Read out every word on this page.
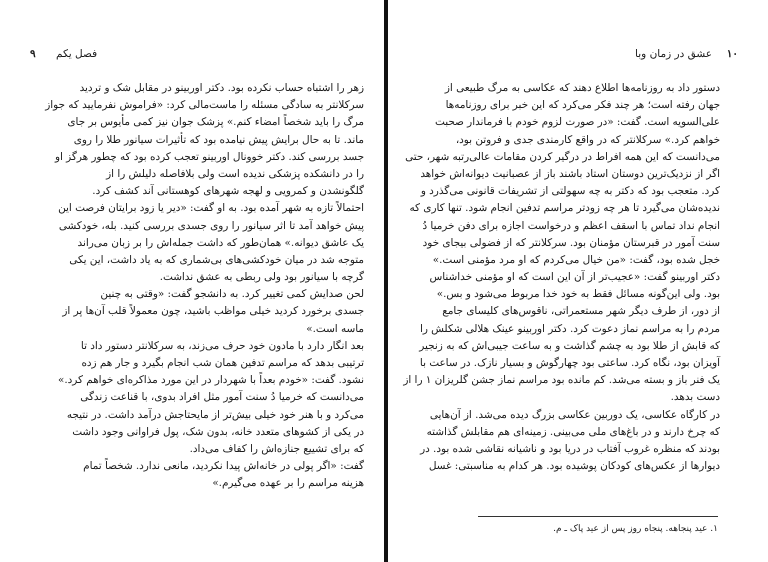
۹ فصل یکم
زهر را اشتباه حساب نکرده بود. دکتر اوربینو در مقابل شک و تردید
سرکلانتر به سادگی مسئله را ماست‌مالی کرد: «فراموش نفرمایید که جواز
مرگ را باید شخصاً امضاء کنم.» پزشک جوان نیز کمی مأیوس بر جای
ماند. تا به حال برایش پیش نیامده بود که تأثیرات سیانور طلا را روی
جسد بررسی کند. دکتر خوونال اوربینو تعجب کرده بود که چطور هرگز او
را در دانشکده پزشکی ندیده است ولی بلافاصله دلیلش را از
گلگونشدن و کمرویی و لهجه شهرهای کوهستانی آند کشف کرد.
احتمالاً تازه به شهر آمده بود. به او گفت: «دیر یا زود برایتان فرصت این
پیش خواهد آمد تا اثر سیانور را روی جسدی بررسی کنید. بله، خودکشی
یک عاشق دیوانه.» همان‌طور که داشت جمله‌اش را بر زبان می‌راند
متوجه شد در میان خودکشی‌های بی‌شماری که به یاد داشت، این یکی
گرچه با سیانور بود ولی ربطی به عشق نداشت.
لحن صدایش کمی تغییر کرد. به دانشجو گفت: «وقتی به چنین
جسدی برخورد کردید خیلی مواظب باشید، چون معمولاً قلب آن‌ها پر از
ماسه است.»
بعد انگار دارد با مادون خود حرف می‌زند، به سرکلانتر دستور داد تا
ترتیبی بدهد که مراسم تدفین همان شب انجام بگیرد و جار هم زده
نشود. گفت: «خودم بعداً با شهردار در این مورد مذاکره‌ای خواهم کرد.»
می‌دانست که خرمیا دُ سنت آمور مثل افراد بدوی، با قناعت زندگی
می‌کرد و با هنر خود خیلی بیش‌تر از مایحتاجش درآمد داشت. در نتیجه
در یکی از کشوهای متعدد خانه، بدون شک، پول فراوانی وجود داشت
که برای تشییع جنازه‌اش را کفاف می‌داد.
گفت: «اگر پولی در خانه‌اش پیدا نکردید، مانعی ندارد. شخصاً تمام
هزینه مراسم را بر عهده می‌گیرم.»
۱۰
عشق در زمان وبا
دستور داد به روزنامه‌ها اطلاع دهند که عکاسی به مرگ طبیعی از
جهان رفته است؛ هر چند فکر می‌کرد که این خبر برای روزنامه‌ها
علی‌السویه است. گفت: «در صورت لزوم خودم با فرماندار صحبت
خواهم کرد.» سرکلانتر که در واقع کارمندی جدی و فروتن بود،
می‌دانست که این همه افراط در درگیر کردن مقامات عالی‌رتبه شهر، حتی
اگر از نزدیک‌ترین دوستان استاد باشند باز از عصبانیت دیوانه‌اش خواهد
کرد. متعجب بود که دکتر به چه سهولتی از تشریفات قانونی می‌گذرد و
ندیده‌شان می‌گیرد تا هر چه زودتر مراسم تدفین انجام شود. تنها کاری که
انجام نداد تماس با اسقف اعظم و درخواست اجازه برای دفن خرمیا دُ
سنت آمور در قبرستان مؤمنان بود. سرکلانتر که از فضولی بیجای خود
خجل شده بود، گفت: «من خیال می‌کردم که او مرد مؤمنی است.»
دکتر اوربینو گفت: «عجیب‌تر از آن این است که او مؤمنی خداشناس
بود. ولی این‌گونه مسائل فقط به خود خدا مربوط می‌شود و بس.»
از دور، از طرف دیگر شهر مستعمراتی، ناقوس‌های کلیسای جامع
مردم را به مراسم نماز دعوت کرد. دکتر اوربینو عینک هلالی شکلش را
که قابش از طلا بود به چشم گذاشت و به ساعت جیبی‌اش که به زنجیر
آویزان بود، نگاه کرد. ساعتی بود چهارگوش و بسیار نازک. در ساعت با
یک فنر باز و بسته می‌شد. کم مانده بود مراسم نماز جشن گلریزان ۱ را از
دست بدهد.
در کارگاه عکاسی، یک دوربین عکاسی بزرگ دیده می‌شد. از آن‌هایی
که چرخ دارند و در باغ‌های ملی می‌بینی. زمینه‌ای هم مقابلش گذاشته
بودند که منظره غروب آفتاب در دریا بود و ناشیانه نقاشی شده بود. در
دیوارها از عکس‌های کودکان پوشیده بود. هر کدام به مناسبتی: غسل
۱. عید پنجاهه. پنجاه روز پس از عید پاک ـ م.
